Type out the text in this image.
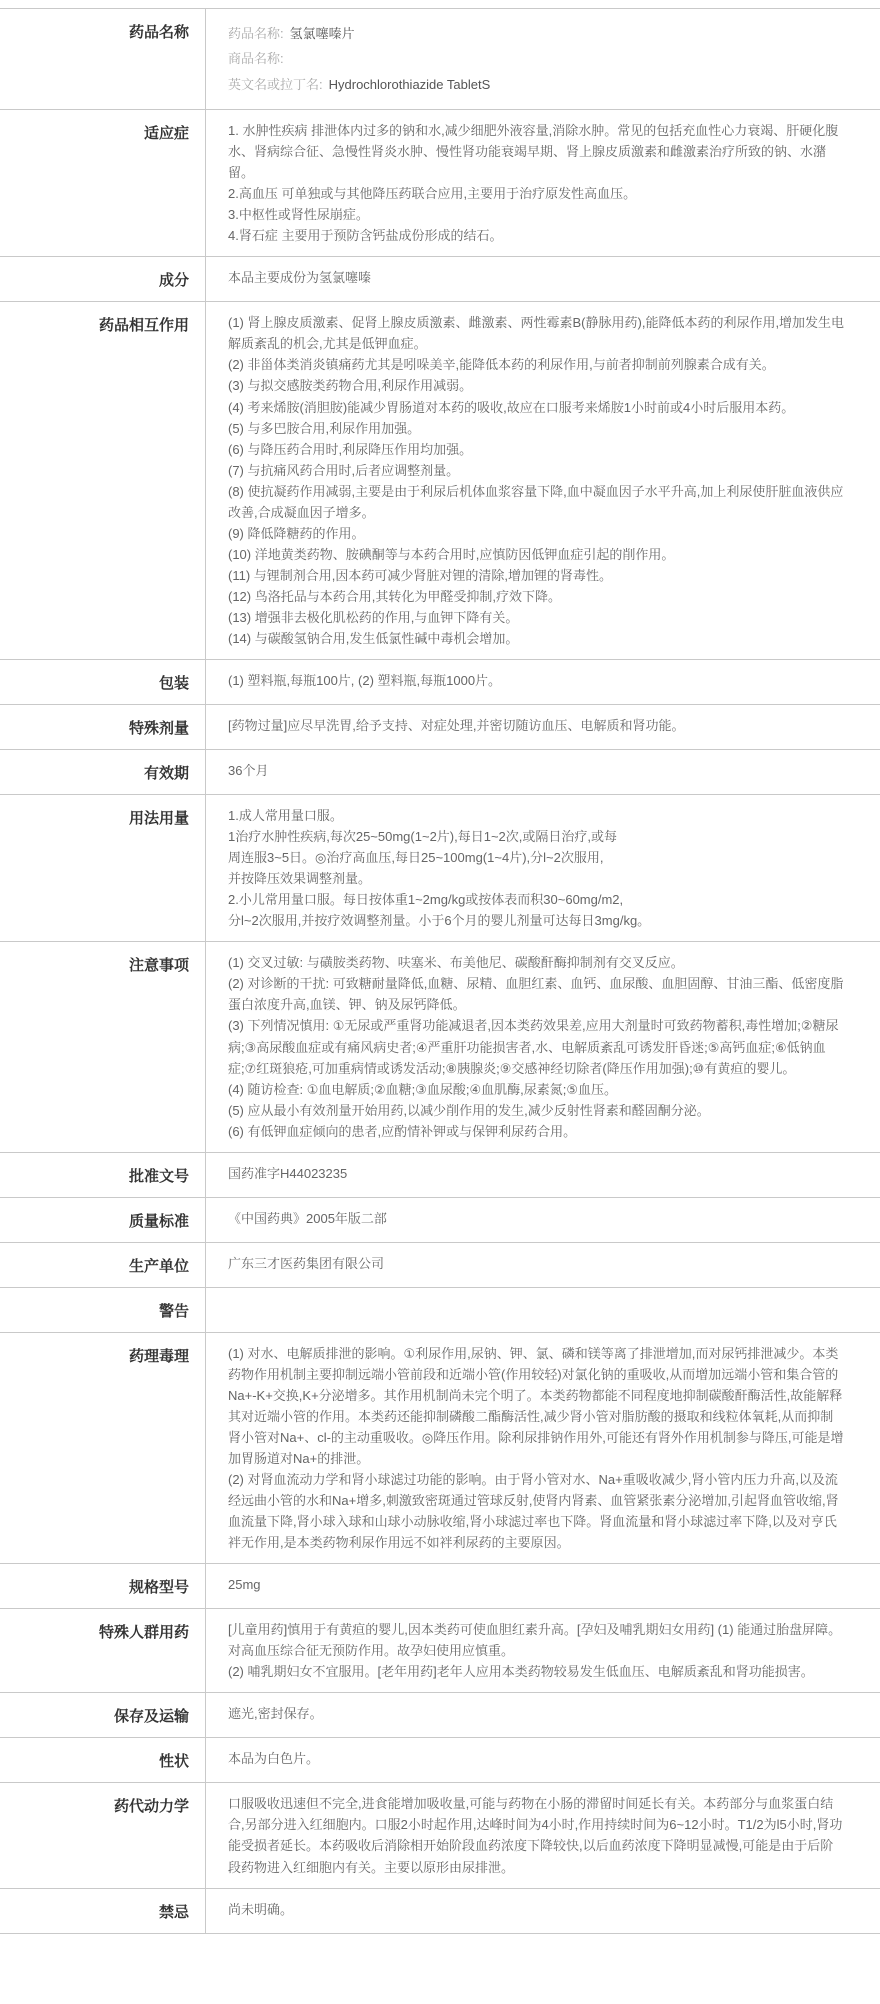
药品名称	药品名称: 氢氯噻嗪片
商品名称:
英文名或拉丁名: Hydrochlorothiazide TabletS
适应症	1. 水肿性疾病 排泄体内过多的钠和水,减少细肥外液容量,消除水肿。常见的包括充血性心力衰竭、肝硬化腹水、肾病综合征、急慢性肾炎水肿、慢性肾功能衰竭早期、肾上腺皮质激素和雌激素治疗所致的钠、水潴留。

2.高血压 可单独或与其他降压药联合应用,主要用于治疗原发性高血压。

3.中枢性或肾性尿崩症。

4.肾石症 主要用于预防含钙盐成份形成的结石。

成分	本品主要成份为氢氯噻嗪

药品相互作用	(1) 肾上腺皮质激素、促肾上腺皮质激素、雌激素、两性霉素B(静脉用药),能降低本药的利尿作用,增加发生电解质紊乱的机会,尤其是低钾血症。

(2) 非甾体类消炎镇痛药尤其是吲哚美辛,能降低本药的利尿作用,与前者抑制前列腺素合成有关。

(3) 与拟交感胺类药物合用,利尿作用减弱。

(4) 考来烯胺(消胆胺)能减少胃肠道对本药的吸收,故应在口服考来烯胺1小时前或4小时后服用本药。

(5) 与多巴胺合用,利尿作用加强。

(6) 与降压药合用时,利尿降压作用均加强。

(7) 与抗痛风药合用时,后者应调整剂量。

(8) 使抗凝药作用减弱,主要是由于利尿后机体血浆容量下降,血中凝血因子水平升高,加上利尿使肝脏血液供应改善,合成凝血因子增多。

(9) 降低降糖药的作用。

(10) 洋地黄类药物、胺碘酮等与本药合用时,应慎防因低钾血症引起的削作用。

(11) 与锂制剂合用,因本药可减少肾脏对锂的清除,增加锂的肾毒性。

(12) 鸟洛托品与本药合用,其转化为甲醛受抑制,疗效下降。

(13) 增强非去极化肌松药的作用,与血钾下降有关。

(14) 与碳酸氢钠合用,发生低氯性碱中毒机会增加。

包装	(1) 塑料瓶,每瓶100片, (2) 塑料瓶,每瓶1000片。

特殊剂量	[药物过量]应尽早洗胃,给予支持、对症处理,并密切随访血压、电解质和肾功能。

有效期	36个月

用法用量	1.成人常用量口服。

1治疗水肿性疾病,每次25~50mg(1~2片),每日1~2次,或隔日治疗,或每

周连服3~5日。◎治疗高血压,每日25~100mg(1~4片),分l~2次服用,

并按降压效果调整剂量。

2.小儿常用量口服。每日按体重1~2mg/kg或按体表而积30~60mg/m2,

分l~2次服用,并按疗效调整剂量。小于6个月的婴儿剂量可达每日3mg/kg。

注意事项	(1) 交叉过敏: 与磺胺类药物、呋塞米、布美他尼、碳酸酐酶抑制剂有交叉反应。

(2) 对诊断的干扰: 可致糖耐量降低,血糖、尿精、血胆红素、血钙、血尿酸、血胆固醇、甘油三酯、低密度脂蛋白浓度升高,血镁、钾、钠及尿钙降低。

(3) 下列情况慎用: ①无尿或严重肾功能减退者,因本类药效果差,应用大剂量时可致药物蓄积,毒性增加;②糖尿病;③高尿酸血症或有痛风病史者;④严重肝功能损害者,水、电解质紊乱可诱发肝昏迷;⑤高钙血症;⑥低钠血症;⑦红斑狼疮,可加重病情或诱发活动;⑧胰腺炎;⑨交感神经切除者(降压作用加强);⑩有黄疸的婴儿。

(4) 随访检查: ①血电解质;②血糖;③血尿酸;④血肌酶,尿素氮;⑤血压。

(5) 应从最小有效剂量开始用药,以减少削作用的发生,减少反射性肾素和醛固酮分泌。

(6) 有低钾血症倾向的患者,应酌情补钾或与保钾利尿药合用。

批准文号	国药准字H44023235

质量标准	《中国药典》2005年版二部

生产单位	广东三才医药集团有限公司

警告
药理毒理	(1) 对水、电解质排泄的影响。①利尿作用,尿钠、钾、氯、磷和镁等离了排泄增加,而对尿钙排泄减少。本类药物作用机制主要抑制远端小管前段和近端小管(作用较轻)对氯化钠的重吸收,从而增加远端小管和集合管的Na+-K+交换,K+分泌增多。其作用机制尚未完个明了。本类药物都能不同程度地抑制碳酸酐酶活性,故能解释其对近端小管的作用。本类药还能抑制磷酸二酯酶活性,减少肾小管对脂肪酸的摄取和线粒体氧耗,从而抑制肾小管对Na+、cl-的主动重吸收。◎降压作用。除利尿排钠作用外,可能还有肾外作用机制参与降压,可能是增加胃肠道对Na+的排泄。

(2) 对肾血流动力学和肾小球滤过功能的影响。由于肾小管对水、Na+重吸收减少,肾小管内压力升高,以及流经远曲小管的水和Na+增多,刺激致密斑通过管球反射,使肾内肾素、血管紧张素分泌增加,引起肾血管收缩,肾血流量下降,肾小球入球和山球小动脉收缩,肾小球滤过率也下降。肾血流量和肾小球滤过率下降,以及对亨氏袢无作用,是本类药物利尿作用远不如袢利尿药的主要原因。

规格型号	25mg

特殊人群用药	[儿童用药]慎用于有黄疸的婴儿,因本类药可使血胆红素升高。[孕妇及哺乳期妇女用药] (1) 能通过胎盘屏障。对高血压综合征无预防作用。故孕妇使用应慎重。

(2) 哺乳期妇女不宜服用。[老年用药]老年人应用本类药物较易发生低血压、电解质紊乱和肾功能损害。

保存及运输	遮光,密封保存。

性状	本品为白色片。

药代动力学	口服吸收迅速但不完全,进食能增加吸收量,可能与药物在小肠的滞留时间延长有关。本药部分与血浆蛋白结合,另部分进入红细胞内。口服2小时起作用,达峰时间为4小时,作用持续时间为6~12小时。T1/2为l5小时,肾功能受损者延长。本药吸收后消除相开始阶段血药浓度下降较快,以后血药浓度下降明显减慢,可能是由于后阶段药物进入红细胞内有关。主要以原形由尿排泄。

禁忌	尚未明确。
